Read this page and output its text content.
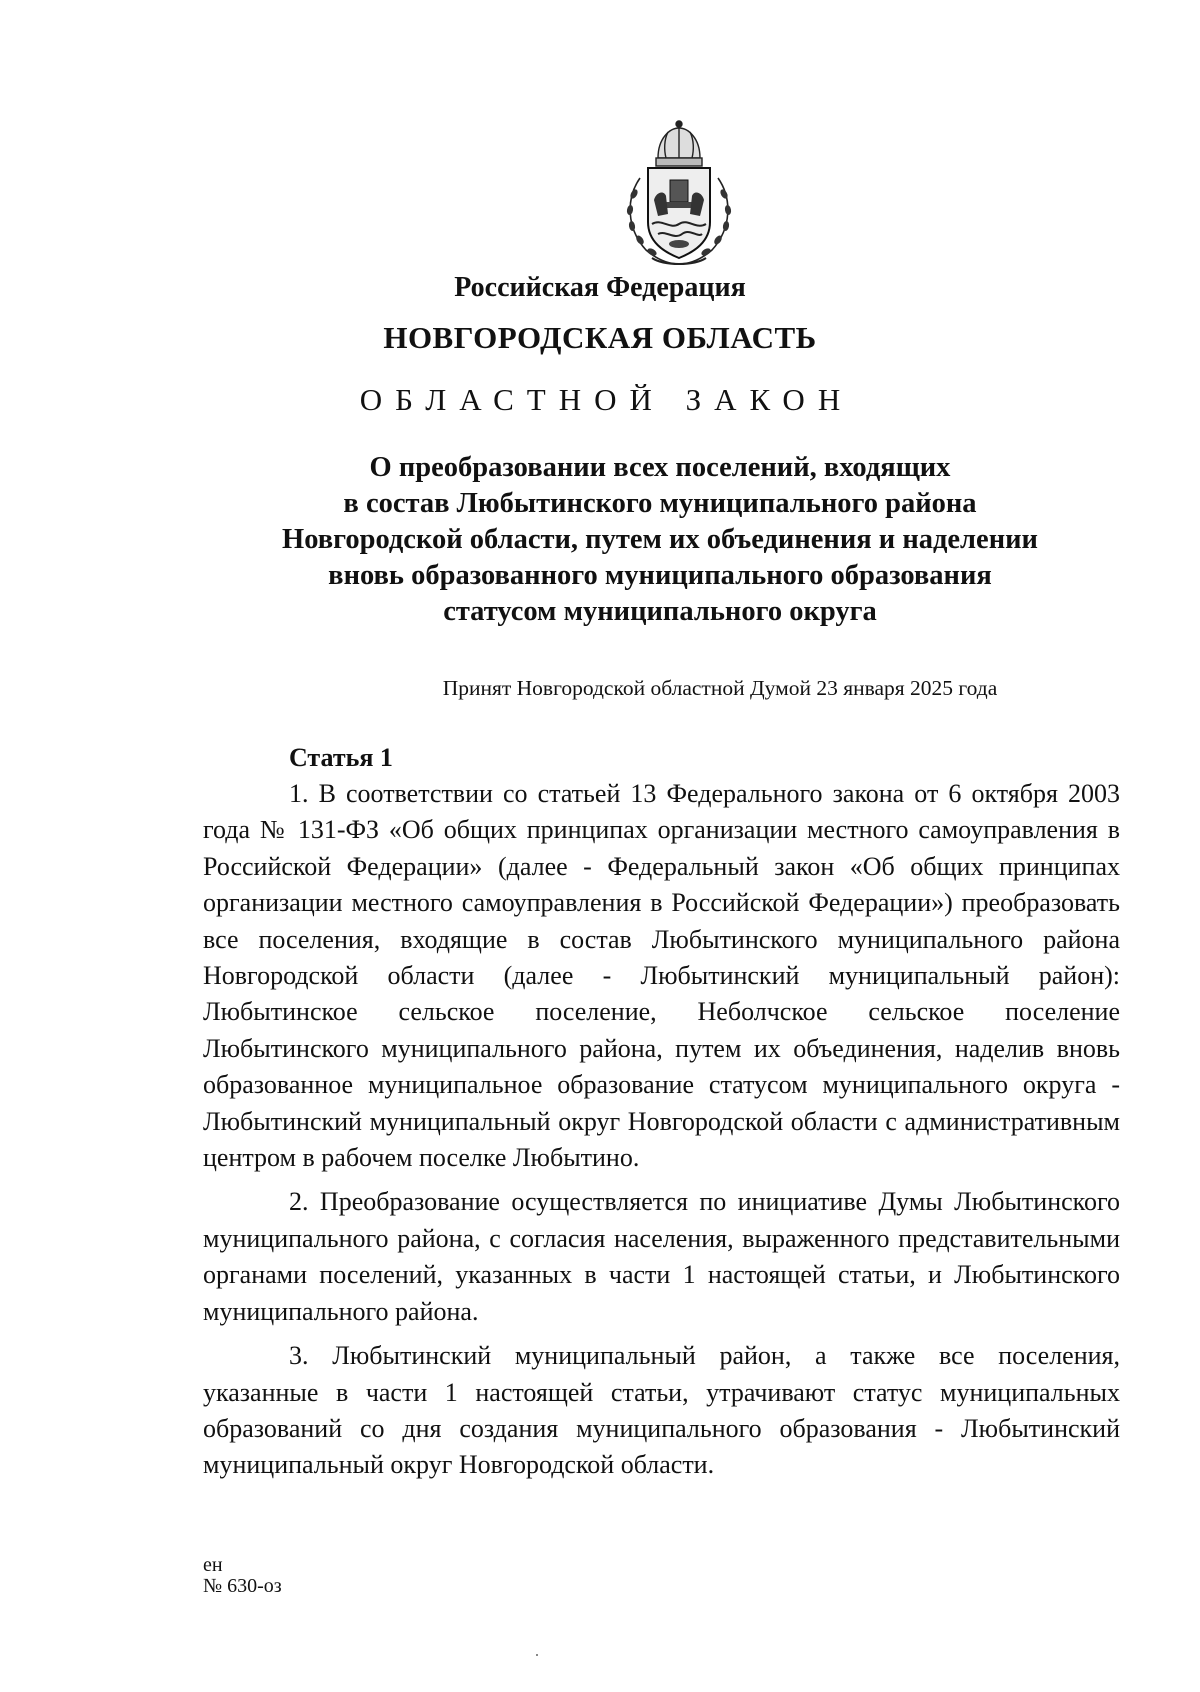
Российская Федерация

НОВГОРОДСКАЯ ОБЛАСТЬ

ОБЛАСТНОЙ ЗАКОН

О преобразовании всех поселений, входящих
в состав Любытинского муниципального района
Новгородской области, путем их объединения и наделении
вновь образованного муниципального образования
статусом муниципального округа

Принят Новгородской областной Думой 23 января 2025 года

Статья 1

1. В соответствии со статьей 13 Федерального закона от 6 октября 2003 года № 131-ФЗ «Об общих принципах организации местного самоуправления в Российской Федерации» (далее - Федеральный закон «Об общих принципах организации местного самоуправления в Российской Федерации») преобразовать все поселения, входящие в состав Любытинского муниципального района Новгородской области (далее - Любытинский муниципальный район): Любытинское сельское поселение, Неболчское сельское поселение Любытинского муниципального района, путем их объединения, наделив вновь образованное муниципальное образование статусом муниципального округа - Любытинский муниципальный округ Новгородской области с административным центром в рабочем поселке Любытино.

2. Преобразование осуществляется по инициативе Думы Любытинского муниципального района, с согласия населения, выраженного представительными органами поселений, указанных в части 1 настоящей статьи, и Любытинского муниципального района.

3. Любытинский муниципальный район, а также все поселения, указанные в части 1 настоящей статьи, утрачивают статус муниципальных образований со дня создания муниципального образования - Любытинский муниципальный округ Новгородской области.

ен
№ 630-оз
